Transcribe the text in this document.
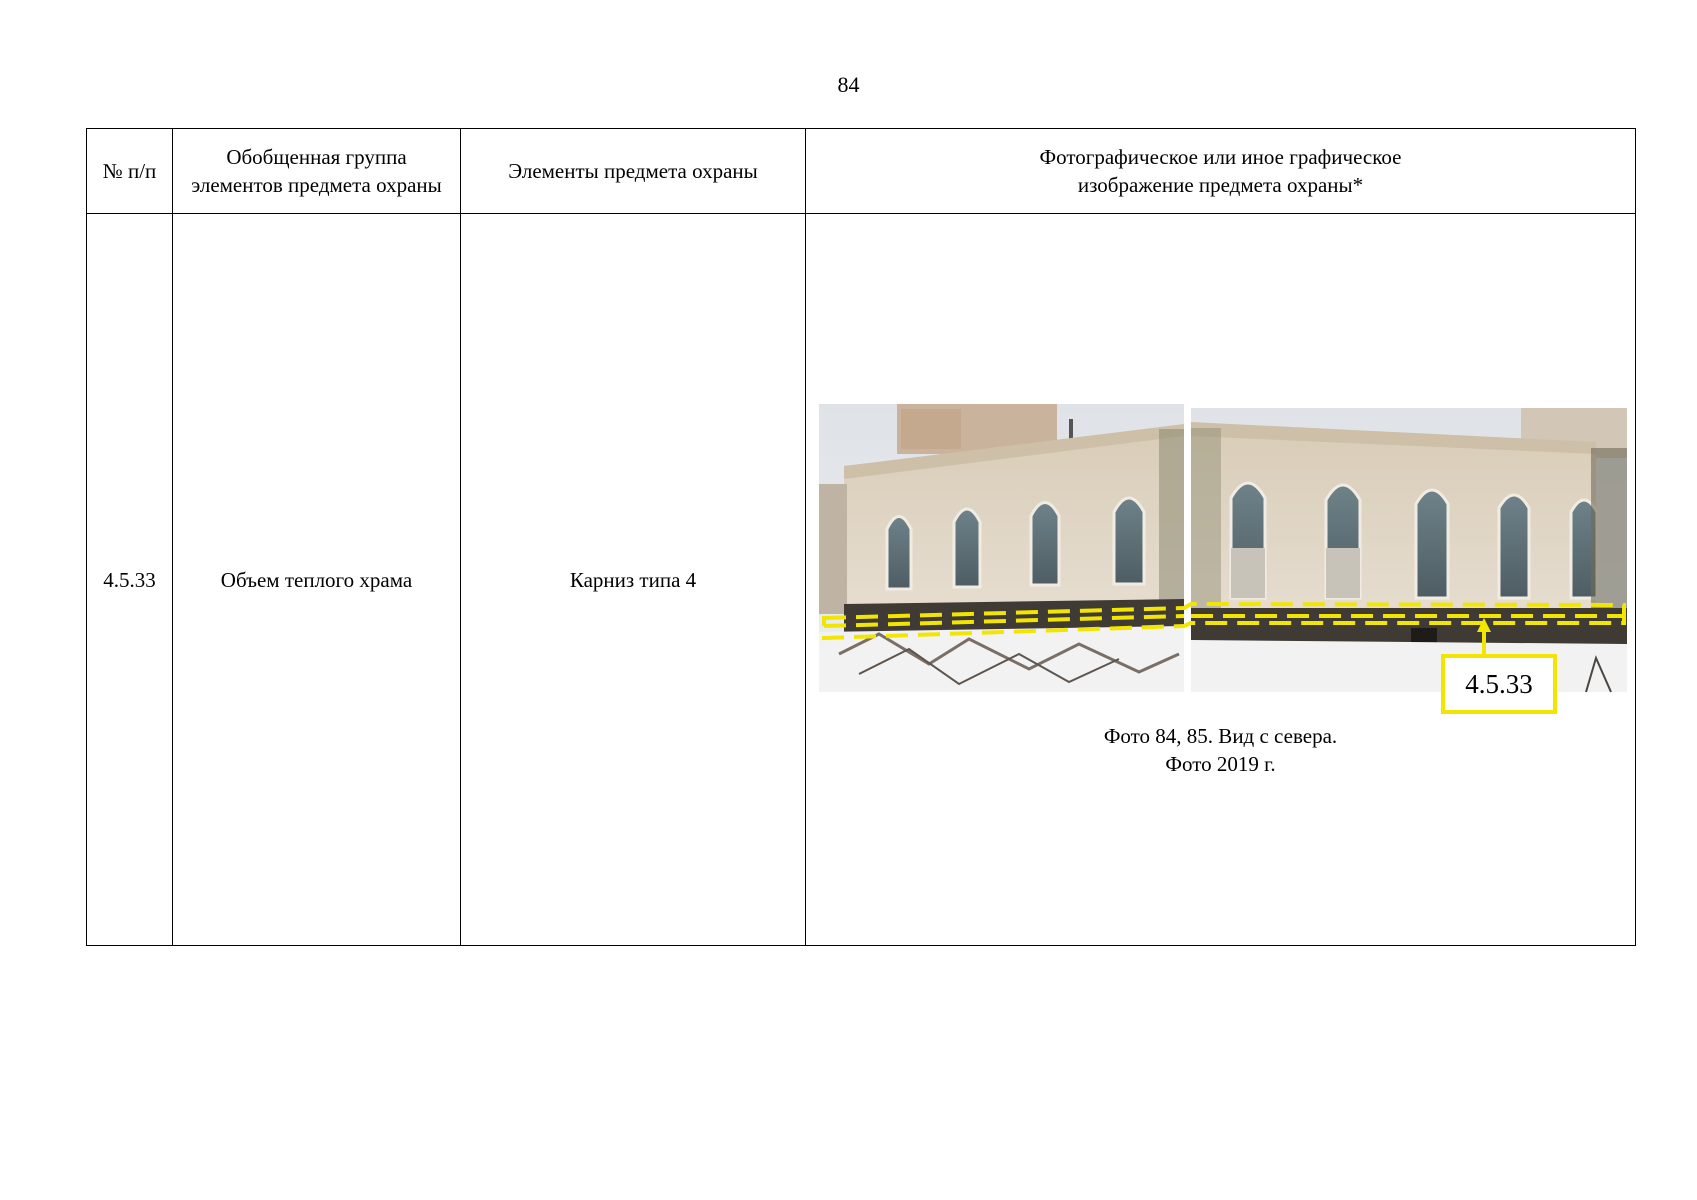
84
№ п/п	Обобщенная группа элементов предмета охраны	Элементы предмета охраны	Фотографическое или иное графическое изображение предмета охраны*
4.5.33	Объем теплого храма	Карниз типа 4	4.5.33
Фото 84, 85. Вид с севера.
Фото 2019 г.
